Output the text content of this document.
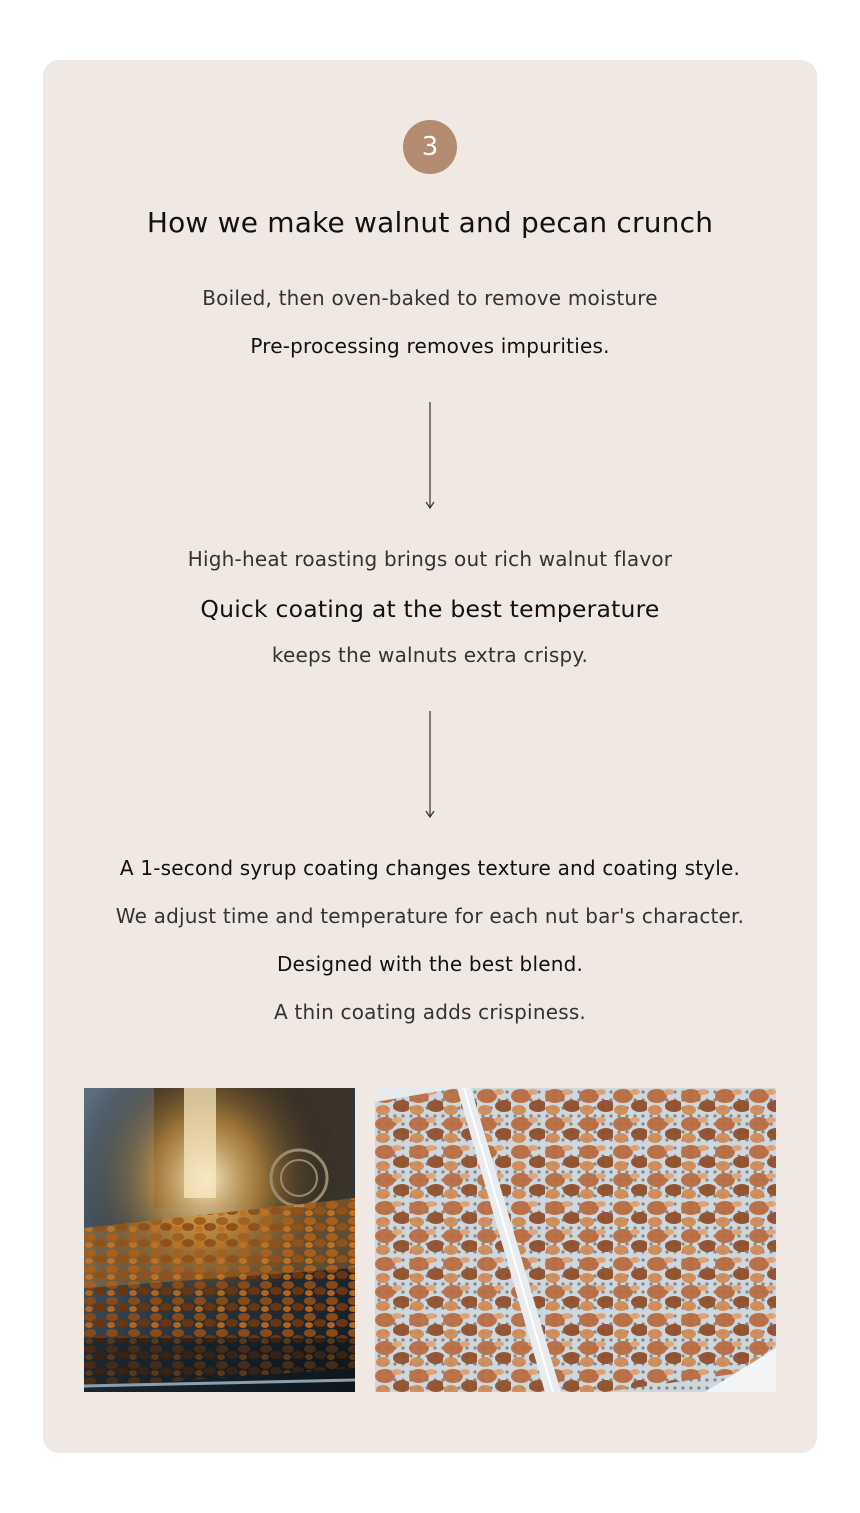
3
How we make walnut and pecan crunch
Boiled, then oven-baked to remove moisture
Pre-processing removes impurities.
High-heat roasting brings out rich walnut flavor
Quick coating at the best temperature
keeps the walnuts extra crispy.
A 1-second syrup coating changes texture and coating style.
We adjust time and temperature for each nut bar's character.
Designed with the best blend.
A thin coating adds crispiness.
